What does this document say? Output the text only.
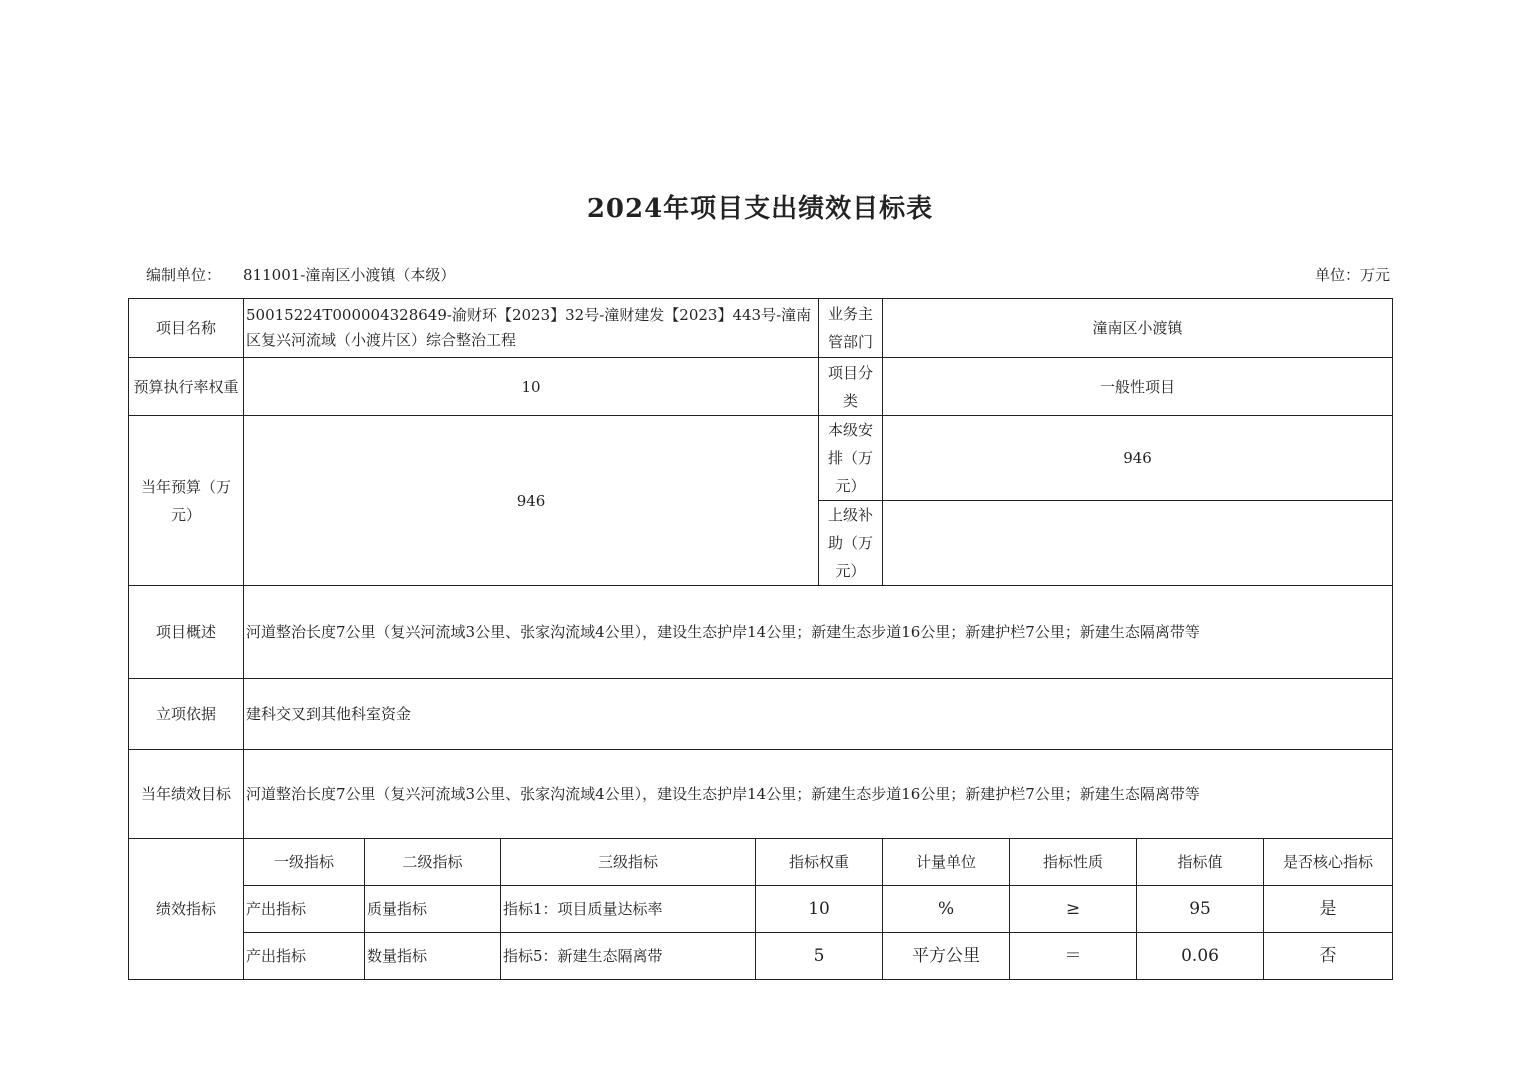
2024年项目支出绩效目标表
编制单位： 811001-潼南区小渡镇（本级）	单位：万元
项目名称	50015224T000004328649-渝财环【2023】32号-潼财建发【2023】443号-潼南区复兴河流域（小渡片区）综合整治工程				业务主管部门	潼南区小渡镇			
预算执行率权重	10				项目分类	一般性项目			
当年预算（万元）	946				本级安排（万元）	946			
					上级补助（万元）				
项目概述	河道整治长度7公里（复兴河流域3公里、张家沟流域4公里），建设生态护岸14公里；新建生态步道16公里；新建护栏7公里；新建生态隔离带等								
立项依据	建科交叉到其他科室资金								
当年绩效目标	河道整治长度7公里（复兴河流域3公里、张家沟流域4公里），建设生态护岸14公里；新建生态步道16公里；新建护栏7公里；新建生态隔离带等								
绩效指标	一级指标	二级指标	三级指标	指标权重		计量单位	指标性质	指标值	是否核心指标
	产出指标	质量指标	指标1：项目质量达标率	10		%	≥	95	是
	产出指标	数量指标	指标5：新建生态隔离带	5		平方公里	＝	0.06	否
